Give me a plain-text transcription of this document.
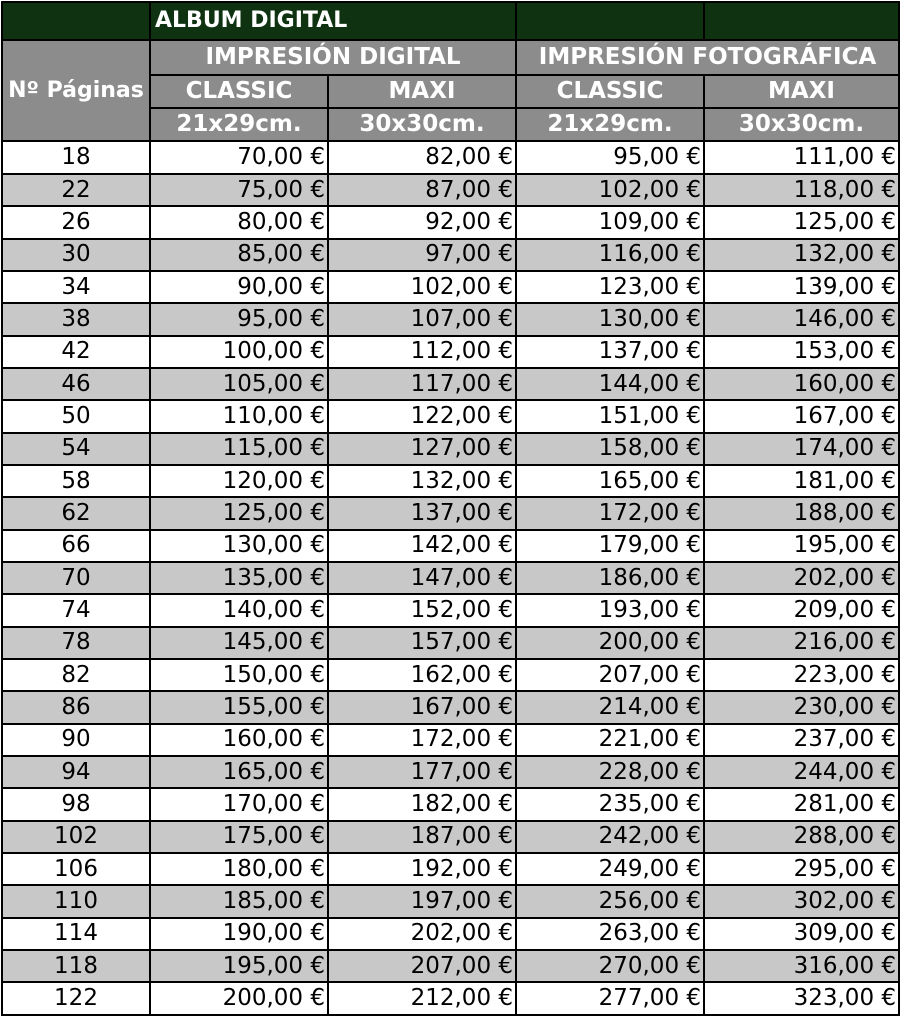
	ALBUM DIGITAL			
Nº Páginas	IMPRESIÓN DIGITAL		IMPRESIÓN FOTOGRÁFICA	
	CLASSIC	MAXI	CLASSIC	MAXI
	21x29cm.	30x30cm.	21x29cm.	30x30cm.
18	70,00 €	82,00 €	95,00 €	111,00 €
22	75,00 €	87,00 €	102,00 €	118,00 €
26	80,00 €	92,00 €	109,00 €	125,00 €
30	85,00 €	97,00 €	116,00 €	132,00 €
34	90,00 €	102,00 €	123,00 €	139,00 €
38	95,00 €	107,00 €	130,00 €	146,00 €
42	100,00 €	112,00 €	137,00 €	153,00 €
46	105,00 €	117,00 €	144,00 €	160,00 €
50	110,00 €	122,00 €	151,00 €	167,00 €
54	115,00 €	127,00 €	158,00 €	174,00 €
58	120,00 €	132,00 €	165,00 €	181,00 €
62	125,00 €	137,00 €	172,00 €	188,00 €
66	130,00 €	142,00 €	179,00 €	195,00 €
70	135,00 €	147,00 €	186,00 €	202,00 €
74	140,00 €	152,00 €	193,00 €	209,00 €
78	145,00 €	157,00 €	200,00 €	216,00 €
82	150,00 €	162,00 €	207,00 €	223,00 €
86	155,00 €	167,00 €	214,00 €	230,00 €
90	160,00 €	172,00 €	221,00 €	237,00 €
94	165,00 €	177,00 €	228,00 €	244,00 €
98	170,00 €	182,00 €	235,00 €	281,00 €
102	175,00 €	187,00 €	242,00 €	288,00 €
106	180,00 €	192,00 €	249,00 €	295,00 €
110	185,00 €	197,00 €	256,00 €	302,00 €
114	190,00 €	202,00 €	263,00 €	309,00 €
118	195,00 €	207,00 €	270,00 €	316,00 €
122	200,00 €	212,00 €	277,00 €	323,00 €
